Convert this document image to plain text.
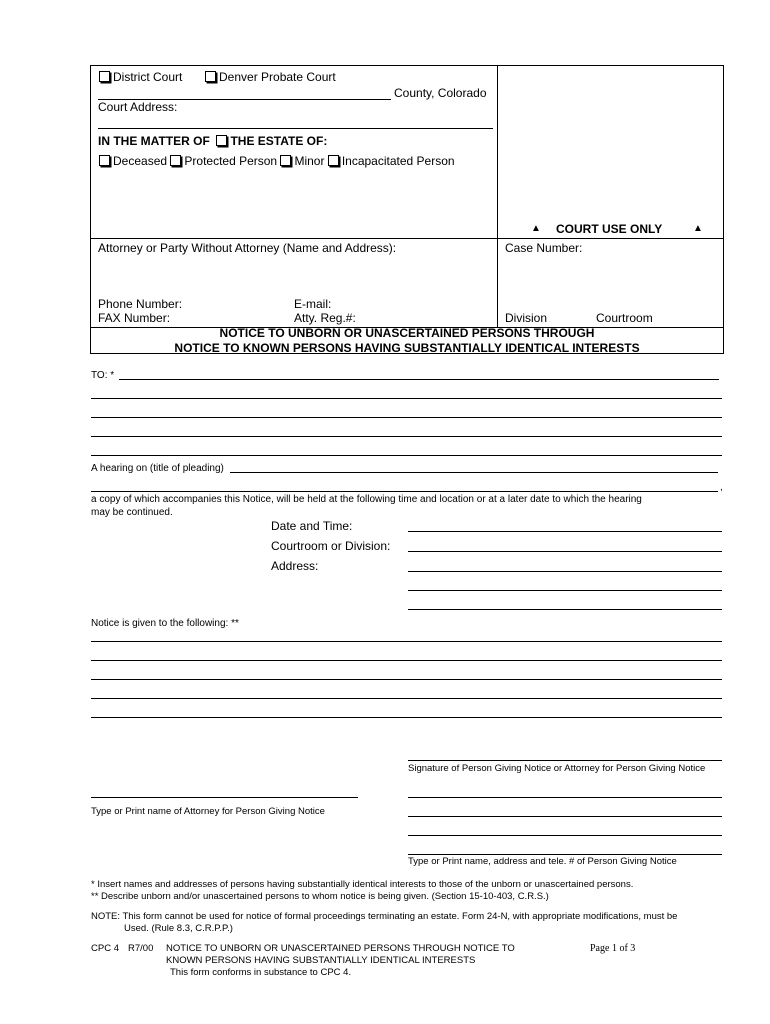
District Court	Denver Probate Court
County, Colorado
Court Address:
IN THE MATTER OF THE ESTATE OF:
Deceased Protected Person Minor Incapacitated Person
▲ COURT USE ONLY	▲
Attorney or Party Without Attorney (Name and Address):	Case Number:
Phone Number:	E-mail:
FAX Number:	Atty. Reg.#:	Division	Courtroom
NOTICE TO UNBORN OR UNASCERTAINED PERSONS THROUGH
NOTICE TO KNOWN PERSONS HAVING SUBSTANTIALLY IDENTICAL INTERESTS
TO: *
A hearing on (title of pleading)
,
a copy of which accompanies this Notice, will be held at the following time and location or at a later date to which the hearing
may be continued.
Date and Time:
Courtroom or Division:
Address:
Notice is given to the following: **
Signature of Person Giving Notice or Attorney for Person Giving Notice
Type or Print name of Attorney for Person Giving Notice
Type or Print name, address and tele. # of Person Giving Notice
* Insert names and addresses of persons having substantially identical interests to those of the unborn or unascertained persons.
** Describe unborn and/or unascertained persons to whom notice is being given. (Section 15-10-403, C.R.S.)
NOTE: This form cannot be used for notice of formal proceedings terminating an estate. Form 24-N, with appropriate modifications, must be
Used. (Rule 8.3, C.R.P.P.)
CPC 4 R7/00 NOTICE TO UNBORN OR UNASCERTAINED PERSONS THROUGH NOTICE TO
KNOWN PERSONS HAVING SUBSTANTIALLY IDENTICAL INTERESTS
This form conforms in substance to CPC 4.
Page 1 of 3
